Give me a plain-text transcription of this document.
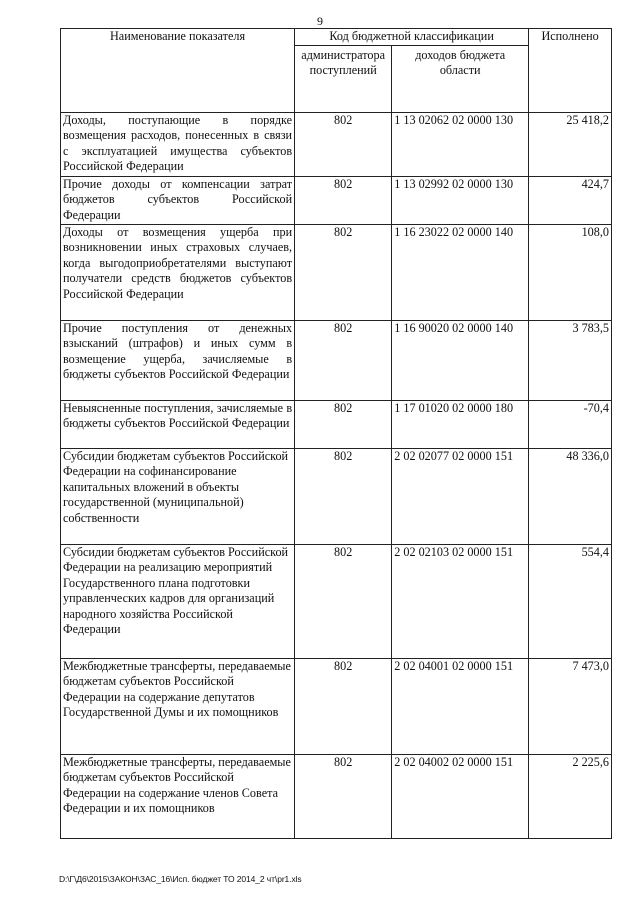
9
Наименование показателя	Код бюджетной классификации		Исполнено
	администратора поступлений	доходов бюджета области	
Доходы, поступающие в порядке возмещения расходов, понесенных в связи с эксплуатацией имущества субъектов Российской Федерации	802	1 13 02062 02 0000 130	25 418,2
Прочие доходы от компенсации затрат бюджетов субъектов Российской Федерации	802	1 13 02992 02 0000 130	424,7
Доходы от возмещения ущерба при возникновении иных страховых случаев, когда выгодоприобретателями выступают получатели средств бюджетов субъектов Российской Федерации	802	1 16 23022 02 0000 140	108,0
Прочие поступления от денежных взысканий (штрафов) и иных сумм в возмещение ущерба, зачисляемые в бюджеты субъектов Российской Федерации	802	1 16 90020 02 0000 140	3 783,5
Невыясненные поступления, зачисляемые в бюджеты субъектов Российской Федерации	802	1 17 01020 02 0000 180	-70,4
Субсидии бюджетам субъектов Российской Федерации на софинансирование капитальных вложений в объекты государственной (муниципальной) собственности	802	2 02 02077 02 0000 151	48 336,0
Субсидии бюджетам субъектов Российской Федерации на реализацию мероприятий Государственного плана подготовки управленческих кадров для организаций народного хозяйства Российской Федерации	802	2 02 02103 02 0000 151	554,4
Межбюджетные трансферты, передаваемые бюджетам субъектов Российской Федерации на содержание депутатов Государственной Думы и их помощников	802	2 02 04001 02 0000 151	7 473,0
Межбюджетные трансферты, передаваемые бюджетам субъектов Российской Федерации на содержание членов Совета Федерации и их помощников	802	2 02 04002 02 0000 151	2 225,6
D:\Г\Д6\2015\ЗАКОН\ЗАС_16\Исп. бюджет ТО 2014_2 чт\pr1.xls
